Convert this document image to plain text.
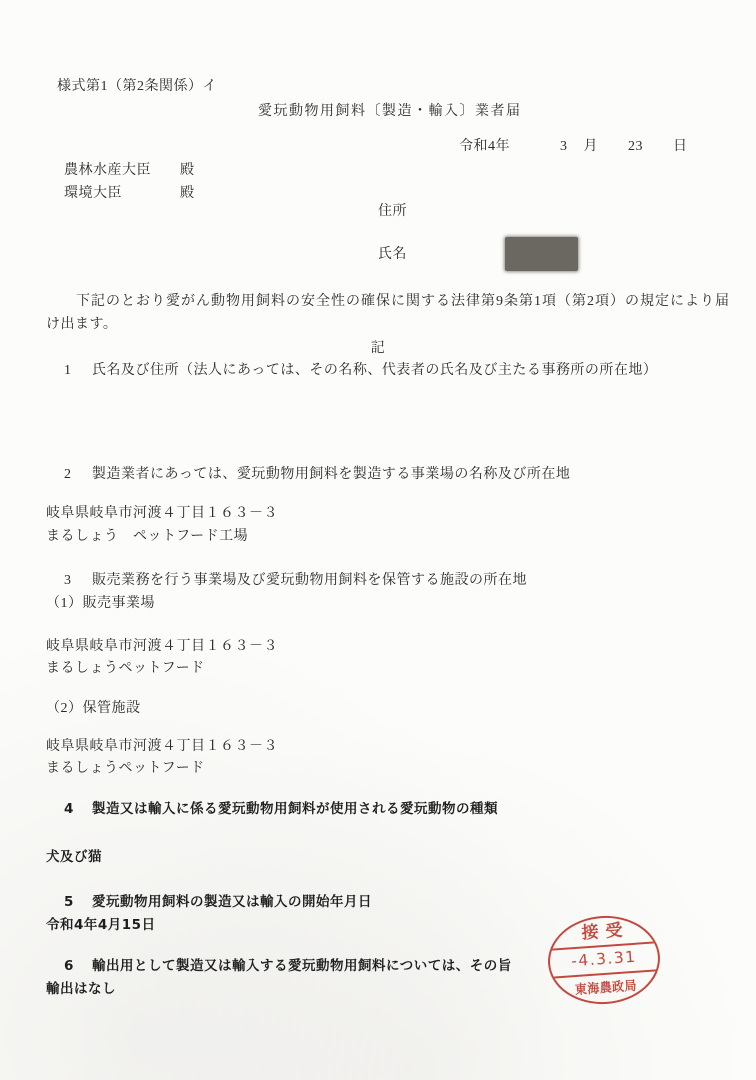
様式第1（第2条関係）イ
愛玩動物用飼料〔製造・輸入〕業者届
令和4年	3 月 23 日
農林水産大臣 殿
環境大臣	殿
住所
氏名
下記のとおり愛がん動物用飼料の安全性の確保に関する法律第9条第1項（第2項）の規定により届
け出ます。
記
1 氏名及び住所（法人にあっては、その名称、代表者の氏名及び主たる事務所の所在地）
2 製造業者にあっては、愛玩動物用飼料を製造する事業場の名称及び所在地
岐阜県岐阜市河渡４丁目１６３－３
まるしょう　ペットフード工場
3 販売業務を行う事業場及び愛玩動物用飼料を保管する施設の所在地
（1）販売事業場
岐阜県岐阜市河渡４丁目１６３－３
まるしょうペットフード
（2）保管施設
岐阜県岐阜市河渡４丁目１６３－３
まるしょうペットフード
4 製造又は輸入に係る愛玩動物用飼料が使用される愛玩動物の種類
犬及び猫
5 愛玩動物用飼料の製造又は輸入の開始年月日
令和4年4月15日
6 輸出用として製造又は輸入する愛玩動物用飼料については、その旨
輸出はなし
接受
-4.3.31
東海農政局
